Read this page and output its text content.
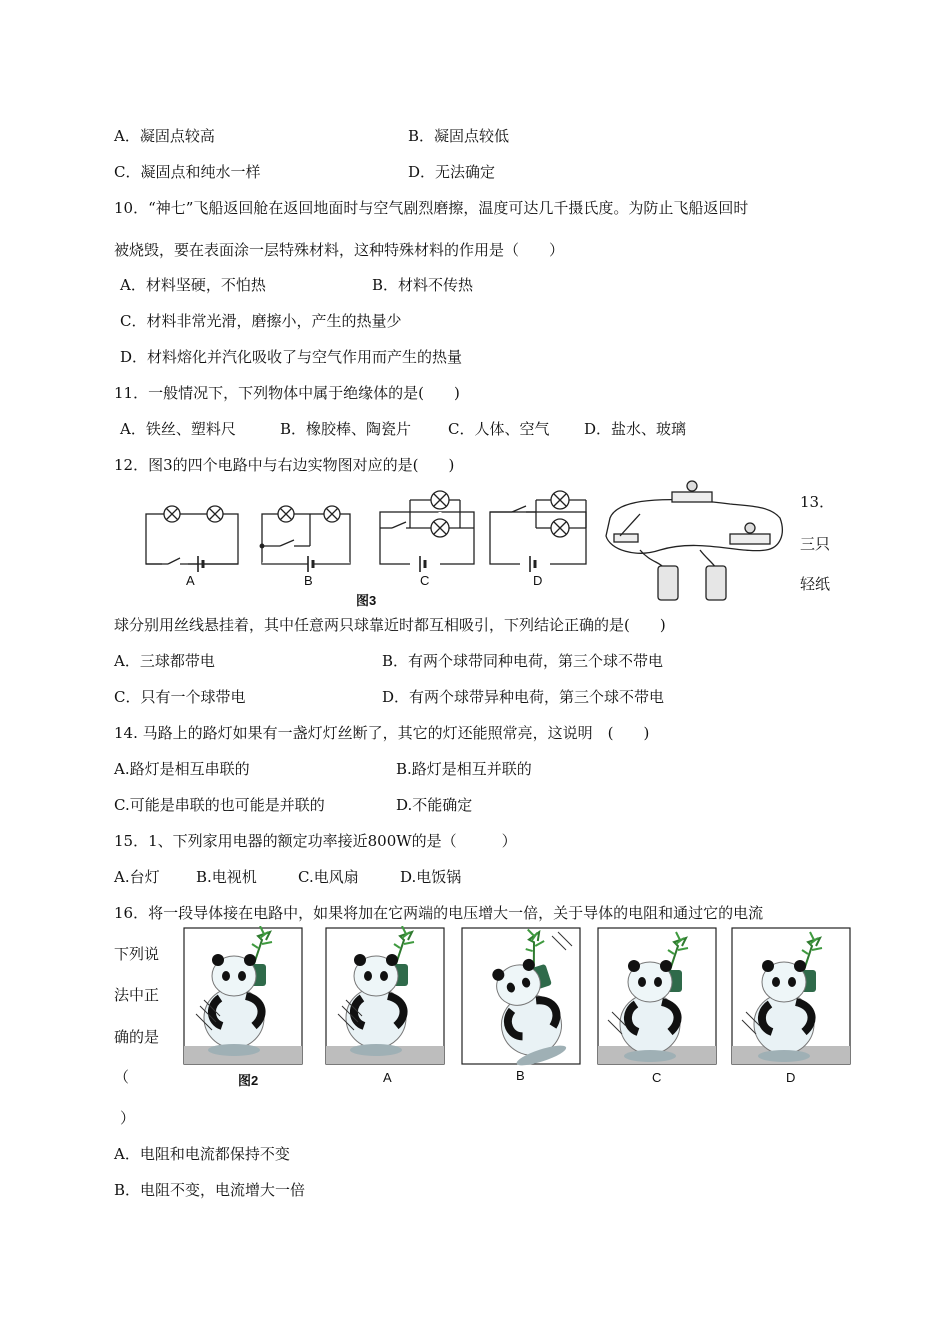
A．凝固点较高	B．凝固点较低
C．凝固点和纯水一样	D．无法确定
10．“神七”飞船返回舱在返回地面时与空气剧烈磨擦，温度可达几千摄氏度。为防止飞船返回时
被烧毁，要在表面涂一层特殊材料，这种特殊材料的作用是（　　）
A．材料坚硬，不怕热	B．材料不传热
C．材料非常光滑，磨擦小，产生的热量少
D．材料熔化并汽化吸收了与空气作用而产生的热量
11．一般情况下，下列物体中属于绝缘体的是(　　)
A．铁丝、塑料尺	B．橡胶棒、陶瓷片 C．人体、空气 D．盐水、玻璃
12．图3的四个电路中与右边实物图对应的是(　　)
A	B	C	D
图3
13．
三只
轻纸
球分别用丝线悬挂着，其中任意两只球靠近时都互相吸引，下列结论正确的是(　　)
A．三球都带电	B．有两个球带同种电荷，第三个球不带电
C．只有一个球带电	D．有两个球带异种电荷，第三个球不带电
14. 马路上的路灯如果有一盏灯灯丝断了，其它的灯还能照常亮，这说明　(　　)
A.路灯是相互串联的	B.路灯是相互并联的
C.可能是串联的也可能是并联的	D.不能确定
15．1、下列家用电器的额定功率接近800W的是（　　　）
A.台灯 B.电视机	C.电风扇	D.电饭锅
16．将一段导体接在电路中，如果将加在它两端的电压增大一倍，关于导体的电阻和通过它的电流
下列说
法中正
确的是
（
）
图2	A	B	C	D
A．电阻和电流都保持不变
B．电阻不变，电流增大一倍
